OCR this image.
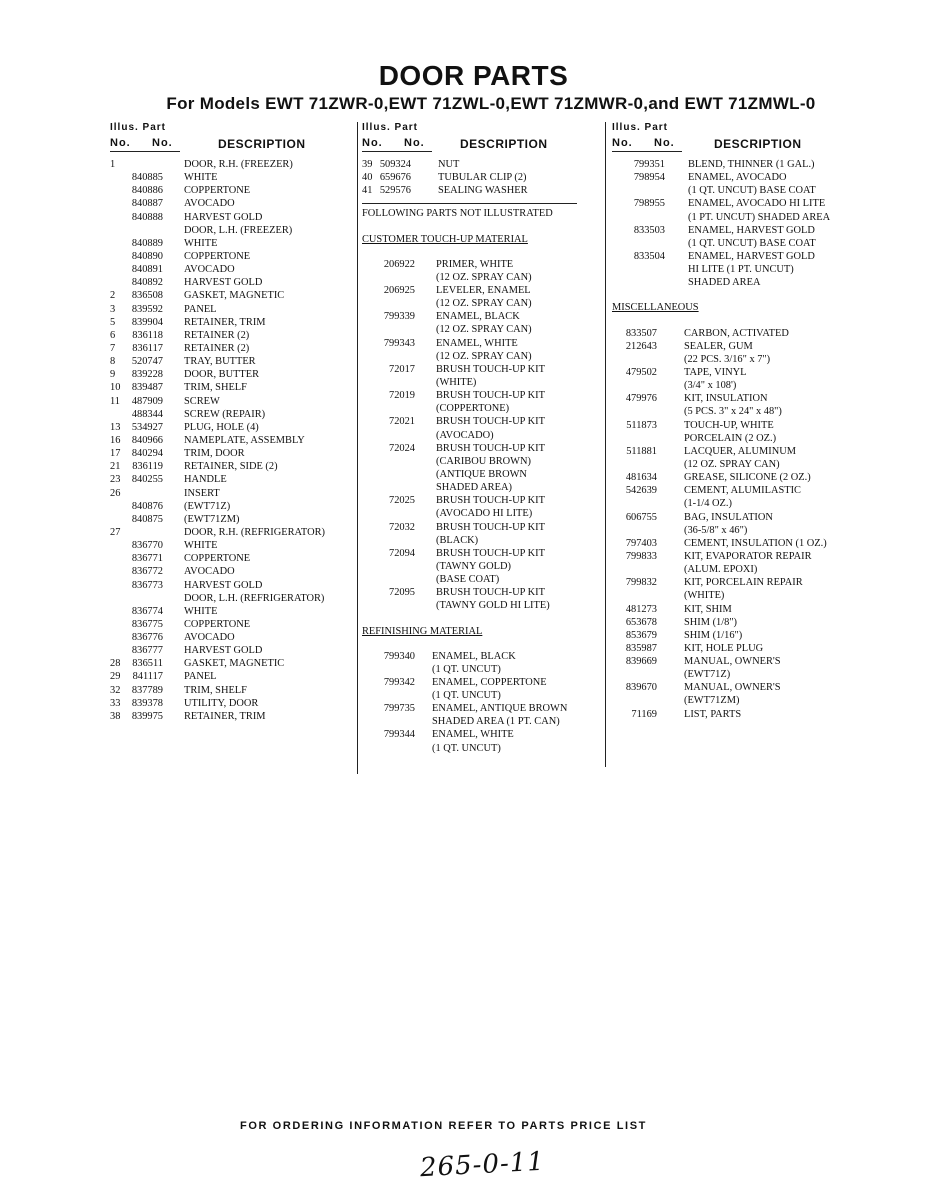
DOOR PARTS
For Models EWT 71ZWR-0,EWT 71ZWL-0,EWT 71ZMWR-0,and EWT 71ZMWL-0
Illus. Part
No. No.	DESCRIPTION
1	DOOR, R.H. (FREEZER)
840885 WHITE
840886 COPPERTONE
840887 AVOCADO
840888 HARVEST GOLD
DOOR, L.H. (FREEZER)
840889 WHITE
840890 COPPERTONE
840891 AVOCADO
840892 HARVEST GOLD
2	836508 GASKET, MAGNETIC
3	839592 PANEL
5	839904 RETAINER, TRIM
6	836118 RETAINER (2)
7	836117 RETAINER (2)
8	520747 TRAY, BUTTER
9	839228 DOOR, BUTTER
10	839487 TRIM, SHELF
11	487909 SCREW
488344 SCREW (REPAIR)
13	534927 PLUG, HOLE (4)
16	840966 NAMEPLATE, ASSEMBLY
17	840294 TRIM, DOOR
21	836119 RETAINER, SIDE (2)
23	840255 HANDLE
26	INSERT
840876 (EWT71Z)
840875 (EWT71ZM)
27	DOOR, R.H. (REFRIGERATOR)
836770 WHITE
836771 COPPERTONE
836772 AVOCADO
836773 HARVEST GOLD
DOOR, L.H. (REFRIGERATOR)
836774 WHITE
836775 COPPERTONE
836776 AVOCADO
836777 HARVEST GOLD
28	836511 GASKET, MAGNETIC
29	841117 PANEL
32	837789 TRIM, SHELF
33	839378 UTILITY, DOOR
38	839975 RETAINER, TRIM
Illus. Part
No. No.	DESCRIPTION
39 509324	NUT
40 659676	TUBULAR CLIP (2)
41 529576	SEALING WASHER
FOLLOWING PARTS NOT ILLUSTRATED
CUSTOMER TOUCH-UP MATERIAL
206922 PRIMER, WHITE
(12 OZ. SPRAY CAN)
206925 LEVELER, ENAMEL
(12 OZ. SPRAY CAN)
799339 ENAMEL, BLACK
(12 OZ. SPRAY CAN)
799343 ENAMEL, WHITE
(12 OZ. SPRAY CAN)
72017 BRUSH TOUCH-UP KIT
(WHITE)
72019 BRUSH TOUCH-UP KIT
(COPPERTONE)
72021 BRUSH TOUCH-UP KIT
(AVOCADO)
72024 BRUSH TOUCH-UP KIT
(CARIBOU BROWN)
(ANTIQUE BROWN
SHADED AREA)
72025 BRUSH TOUCH-UP KIT
(AVOCADO HI LITE)
72032 BRUSH TOUCH-UP KIT
(BLACK)
72094 BRUSH TOUCH-UP KIT
(TAWNY GOLD)
(BASE COAT)
72095 BRUSH TOUCH-UP KIT
(TAWNY GOLD HI LITE)
REFINISHING MATERIAL
799340 ENAMEL, BLACK
(1 QT. UNCUT)
799342 ENAMEL, COPPERTONE
(1 QT. UNCUT)
799735 ENAMEL, ANTIQUE BROWN
SHADED AREA (1 PT. CAN)
799344 ENAMEL, WHITE
(1 QT. UNCUT)
Illus. Part
No. No.	DESCRIPTION
799351 BLEND, THINNER (1 GAL.)
798954 ENAMEL, AVOCADO
(1 QT. UNCUT) BASE COAT
798955 ENAMEL, AVOCADO HI LITE
(1 PT. UNCUT) SHADED AREA
833503 ENAMEL, HARVEST GOLD
(1 QT. UNCUT) BASE COAT
833504 ENAMEL, HARVEST GOLD
HI LITE (1 PT. UNCUT)
SHADED AREA
MISCELLANEOUS
833507	CARBON, ACTIVATED
212643	SEALER, GUM
(22 PCS. 3/16" x 7")
479502	TAPE, VINYL
(3/4" x 108')
479976	KIT, INSULATION
(5 PCS. 3" x 24" x 48")
511873	TOUCH-UP, WHITE
PORCELAIN (2 OZ.)
511881	LACQUER, ALUMINUM
(12 OZ. SPRAY CAN)
481634	GREASE, SILICONE (2 OZ.)
542639	CEMENT, ALUMILASTIC
(1-1/4 OZ.)
606755	BAG, INSULATION
(36-5/8" x 46")
797403	CEMENT, INSULATION (1 OZ.)
799833	KIT, EVAPORATOR REPAIR
(ALUM. EPOXI)
799832	KIT, PORCELAIN REPAIR
(WHITE)
481273	KIT, SHIM
653678	SHIM (1/8")
853679	SHIM (1/16")
835987	KIT, HOLE PLUG
839669	MANUAL, OWNER'S
(EWT71Z)
839670	MANUAL, OWNER'S
(EWT71ZM)
71169	LIST, PARTS
FOR ORDERING INFORMATION REFER TO PARTS PRICE LIST
265-0-11
